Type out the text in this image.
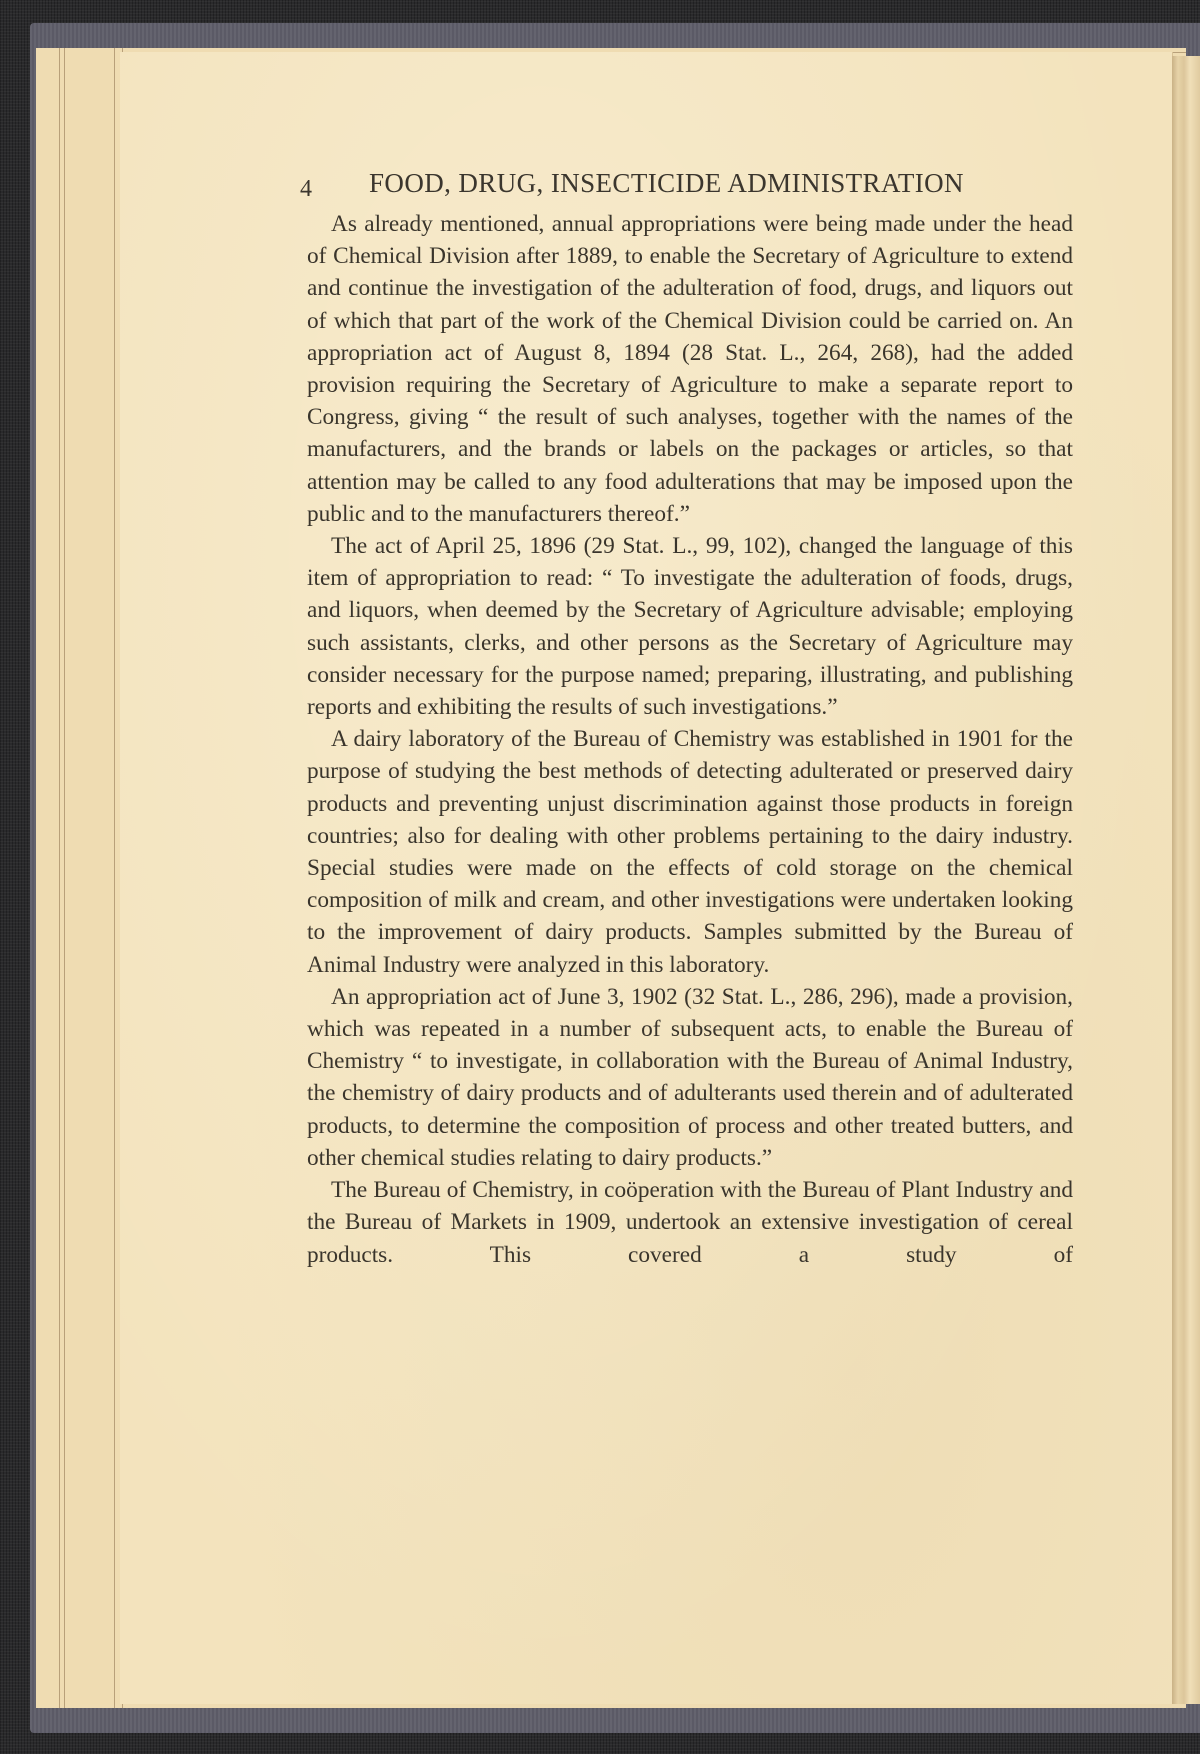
4 FOOD, DRUG, INSECTICIDE ADMINISTRATION

As already mentioned, annual appropriations were being made under the head of Chemical Division after 1889, to enable the Secretary of Agriculture to extend and continue the investigation of the adulteration of food, drugs, and liquors out of which that part of the work of the Chemical Division could be carried on. An appropriation act of August 8, 1894 (28 Stat. L., 264, 268), had the added provision requiring the Secretary of Agriculture to make a separate report to Congress, giving “ the result of such analyses, together with the names of the manufacturers, and the brands or labels on the packages or articles, so that attention may be called to any food adulterations that may be imposed upon the public and to the manufacturers thereof.”

The act of April 25, 1896 (29 Stat. L., 99, 102), changed the language of this item of appropriation to read: “ To investigate the adulteration of foods, drugs, and liquors, when deemed by the Secretary of Agriculture advisable; employing such assistants, clerks, and other persons as the Secretary of Agriculture may consider necessary for the purpose named; preparing, illustrating, and publishing reports and exhibiting the results of such investigations.”

A dairy laboratory of the Bureau of Chemistry was established in 1901 for the purpose of studying the best methods of detecting adulterated or preserved dairy products and preventing unjust discrimination against those products in foreign countries; also for dealing with other problems pertaining to the dairy industry. Special studies were made on the effects of cold storage on the chemical composition of milk and cream, and other investigations were undertaken looking to the improvement of dairy products. Samples submitted by the Bureau of Animal Industry were analyzed in this laboratory.

An appropriation act of June 3, 1902 (32 Stat. L., 286, 296), made a provision, which was repeated in a number of subsequent acts, to enable the Bureau of Chemistry “ to investigate, in collaboration with the Bureau of Animal Industry, the chemistry of dairy products and of adulterants used therein and of adulterated products, to determine the composition of process and other treated butters, and other chemical studies relating to dairy products.”

The Bureau of Chemistry, in coöperation with the Bureau of Plant Industry and the Bureau of Markets in 1909, undertook an extensive investigation of cereal products. This covered a study of
